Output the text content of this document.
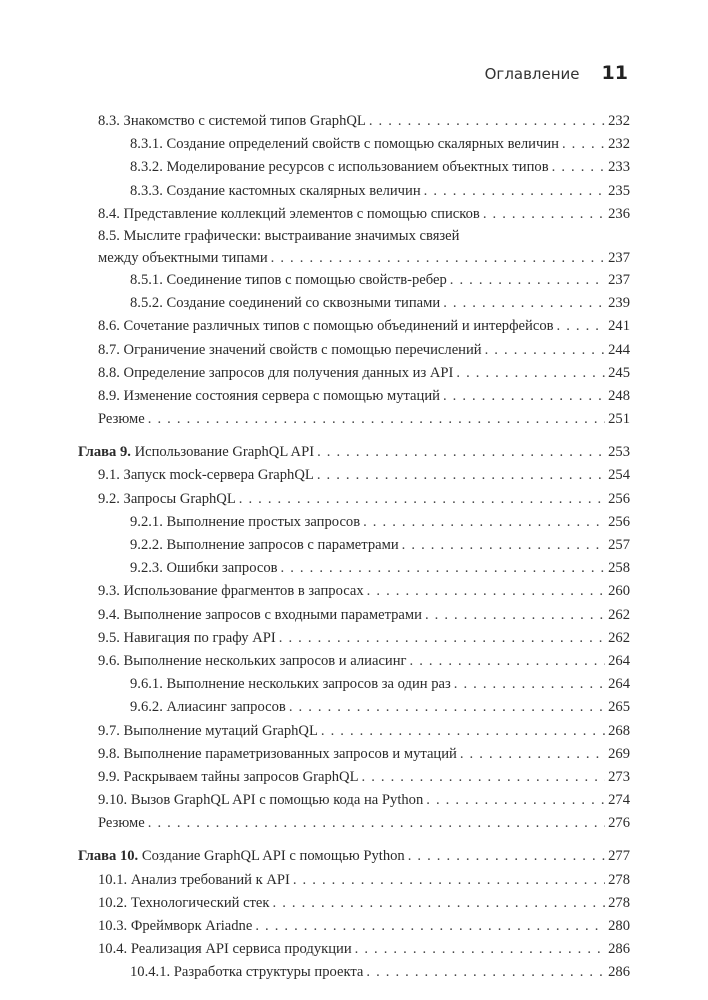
Оглавление 11
8.3. Знакомство с системой типов GraphQL . . .	232
8.3.1. Создание определений свойств с помощью скалярных величин . . .	232
8.3.2. Моделирование ресурсов с использованием объектных типов . . .	233
8.3.3. Создание кастомных скалярных величин . . .	235
8.4. Представление коллекций элементов с помощью списков . . .	236
8.5. Мыслите графически: выстраивание значимых связей
между объектными типами . . .	237
8.5.1. Соединение типов с помощью свойств-ребер . . .	237
8.5.2. Создание соединений со сквозными типами . . .	239
8.6. Сочетание различных типов с помощью объединений и интерфейсов . . .	241
8.7. Ограничение значений свойств с помощью перечислений . . .	244
8.8. Определение запросов для получения данных из API . . .	245
8.9. Изменение состояния сервера с помощью мутаций . . .	248
Резюме . . .	251
Глава 9. Использование GraphQL API . . .	253
9.1. Запуск mock-сервера GraphQL . . .	254
9.2. Запросы GraphQL . . .	256
9.2.1. Выполнение простых запросов . . .	256
9.2.2. Выполнение запросов с параметрами . . .	257
9.2.3. Ошибки запросов . . .	258
9.3. Использование фрагментов в запросах . . .	260
9.4. Выполнение запросов с входными параметрами . . .	262
9.5. Навигация по графу API . . .	262
9.6. Выполнение нескольких запросов и алиасинг . . .	264
9.6.1. Выполнение нескольких запросов за один раз . . .	264
9.6.2. Алиасинг запросов . . .	265
9.7. Выполнение мутаций GraphQL . . .	268
9.8. Выполнение параметризованных запросов и мутаций . . .	269
9.9. Раскрываем тайны запросов GraphQL . . .	273
9.10. Вызов GraphQL API с помощью кода на Python . . .	274
Резюме . . .	276
Глава 10. Создание GraphQL API с помощью Python . . .	277
10.1. Анализ требований к API . . .	278
10.2. Технологический стек . . .	278
10.3. Фреймворк Ariadne . . .	280
10.4. Реализация API сервиса продукции . . .	286
10.4.1. Разработка структуры проекта . . .	286
